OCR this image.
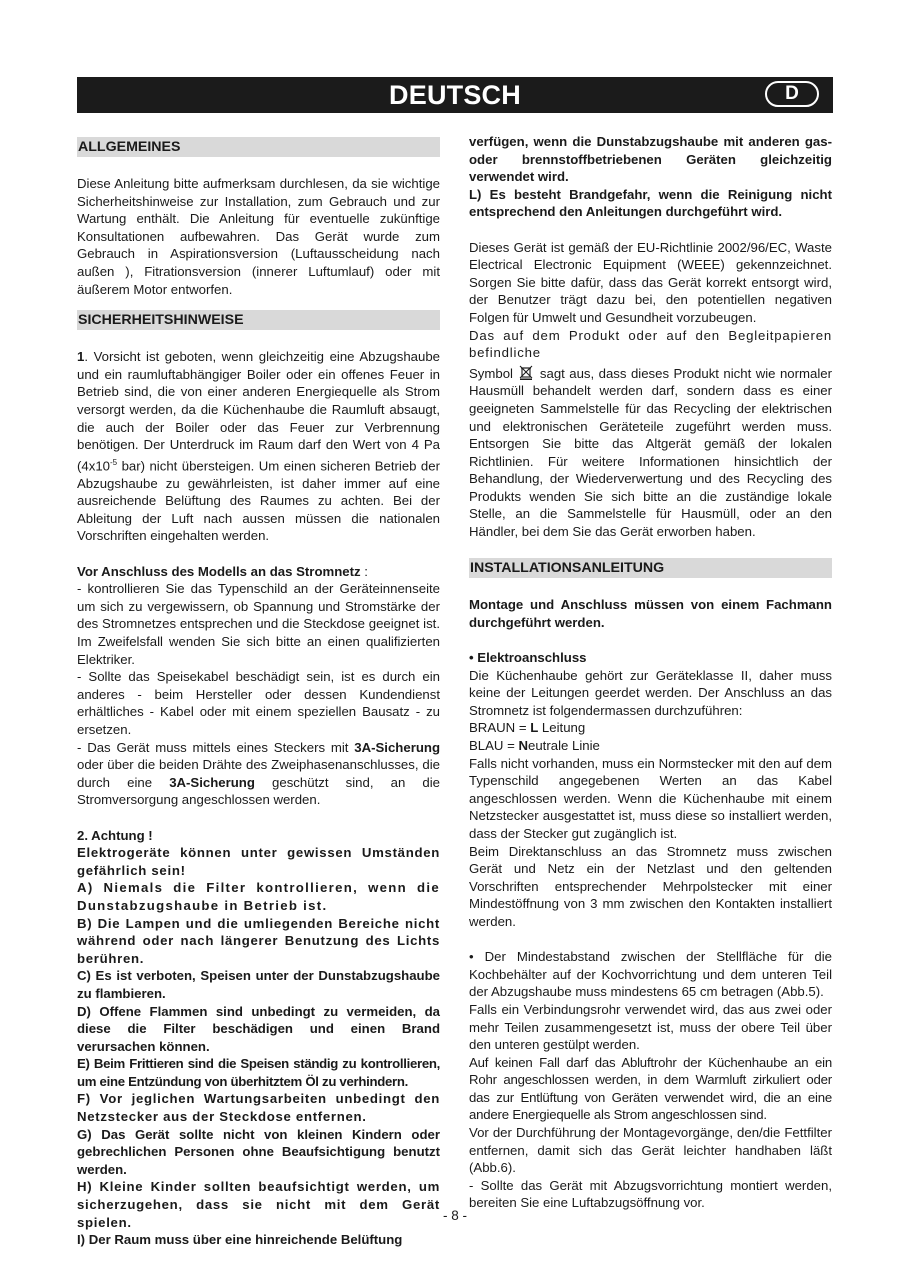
DEUTSCH	D
ALLGEMEINES

Diese Anleitung bitte aufmerksam durchlesen, da sie wichtige Sicherheitshinweise zur Installation, zum Gebrauch und zur Wartung enthält. Die Anleitung für eventuelle zukünftige Konsultationen aufbewahren. Das Gerät wurde zum Gebrauch in Aspirationsversion (Luftausscheidung nach außen ), Fitrationsversion (innerer Luftumlauf) oder mit äußerem Motor entworfen.

SICHERHEITSHINWEISE

1. Vorsicht ist geboten, wenn gleichzeitig eine Abzugshaube und ein raumluftabhängiger Boiler oder ein offenes Feuer in Betrieb sind, die von einer anderen Energiequelle als Strom versorgt werden, da die Küchenhaube die Raumluft absaugt, die auch der Boiler oder das Feuer zur Verbrennung benötigen. Der Unterdruck im Raum darf den Wert von 4 Pa ($4x10^{-5}$ bar) nicht übersteigen. Um einen sicheren Betrieb der Abzugshaube zu gewährleisten, ist daher immer auf eine ausreichende Belüftung des Raumes zu achten. Bei der Ableitung der Luft nach aussen müssen die nationalen Vorschriften eingehalten werden.

Vor Anschluss des Modells an das Stromnetz :

- kontrollieren Sie das Typenschild an der Geräteinnenseite um sich zu vergewissern, ob Spannung und Stromstärke der des Stromnetzes entsprechen und die Steckdose geeignet ist. Im Zweifelsfall wenden Sie sich bitte an einen qualifizierten Elektriker.

- Sollte das Speisekabel beschädigt sein, ist es durch ein anderes - beim Hersteller oder dessen Kundendienst erhältliches - Kabel oder mit einem speziellen Bausatz - zu ersetzen.

- Das Gerät muss mittels eines Steckers mit 3A-Sicherung oder über die beiden Drähte des Zweiphasenanschlusses, die durch eine 3A-Sicherung geschützt sind, an die Stromversorgung angeschlossen werden.

2. Achtung !

Elektrogeräte können unter gewissen Umständen gefährlich sein!

A) Niemals die Filter kontrollieren, wenn die Dunstabzugshaube in Betrieb ist.

B) Die Lampen und die umliegenden Bereiche nicht während oder nach längerer Benutzung des Lichts berühren.

C) Es ist verboten, Speisen unter der Dunstabzugshaube zu flambieren.

D) Offene Flammen sind unbedingt zu vermeiden, da diese die Filter beschädigen und einen Brand verursachen können.

E) Beim Frittieren sind die Speisen ständig zu kontrollieren, um eine Entzündung von überhitztem Öl zu verhindern.

F) Vor jeglichen Wartungsarbeiten unbedingt den Netzstecker aus der Steckdose entfernen.

G) Das Gerät sollte nicht von kleinen Kindern oder gebrechlichen Personen ohne Beaufsichtigung benutzt werden.

H) Kleine Kinder sollten beaufsichtigt werden, um sicherzugehen, dass sie nicht mit dem Gerät spielen.

I) Der Raum muss über eine hinreichende Belüftung

verfügen, wenn die Dunstabzugshaube mit anderen gas- oder brennstoffbetriebenen Geräten gleichzeitig verwendet wird.

L) Es besteht Brandgefahr, wenn die Reinigung nicht entsprechend den Anleitungen durchgeführt wird.

Dieses Gerät ist gemäß der EU-Richtlinie 2002/96/EC, Waste Electrical Electronic Equipment (WEEE) gekennzeichnet. Sorgen Sie bitte dafür, dass das Gerät korrekt entsorgt wird, der Benutzer trägt dazu bei, den potentiellen negativen Folgen für Umwelt und Gesundheit vorzubeugen.

Das auf dem Produkt oder auf den Begleitpapieren befindliche

Symbol sagt aus, dass dieses Produkt nicht wie normaler Hausmüll behandelt werden darf, sondern dass es einer geeigneten Sammelstelle für das Recycling der elektrischen und elektronischen Geräteteile zugeführt werden muss. Entsorgen Sie bitte das Altgerät gemäß der lokalen Richtlinien. Für weitere Informationen hinsichtlich der Behandlung, der Wiederverwertung und des Recycling des Produkts wenden Sie sich bitte an die zuständige lokale Stelle, an die Sammelstelle für Hausmüll, oder an den Händler, bei dem Sie das Gerät erworben haben.

INSTALLATIONSANLEITUNG

Montage und Anschluss müssen von einem Fachmann durchgeführt werden.

• Elektroanschluss

Die Küchenhaube gehört zur Geräteklasse II, daher muss keine der Leitungen geerdet werden. Der Anschluss an das Stromnetz ist folgendermassen durchzuführen:

BRAUN = L Leitung

BLAU = Neutrale Linie

Falls nicht vorhanden, muss ein Normstecker mit den auf dem Typenschild angegebenen Werten an das Kabel angeschlossen werden. Wenn die Küchenhaube mit einem Netzstecker ausgestattet ist, muss diese so installiert werden, dass der Stecker gut zugänglich ist.

Beim Direktanschluss an das Stromnetz muss zwischen Gerät und Netz ein der Netzlast und den geltenden Vorschriften entsprechender Mehrpolstecker mit einer Mindestöffnung von 3 mm zwischen den Kontakten installiert werden.

• Der Mindestabstand zwischen der Stellfläche für die Kochbehälter auf der Kochvorrichtung und dem unteren Teil der Abzugshaube muss mindestens 65 cm betragen (Abb.5).

Falls ein Verbindungsrohr verwendet wird, das aus zwei oder mehr Teilen zusammengesetzt ist, muss der obere Teil über den unteren gestülpt werden.

Auf keinen Fall darf das Abluftrohr der Küchenhaube an ein Rohr angeschlossen werden, in dem Warmluft zirkuliert oder das zur Entlüftung von Geräten verwendet wird, die an eine andere Energiequelle als Strom angeschlossen sind.

Vor der Durchführung der Montagevorgänge, den/die Fettfilter entfernen, damit sich das Gerät leichter handhaben läßt (Abb.6).

- Sollte das Gerät mit Abzugsvorrichtung montiert werden, bereiten Sie eine Luftabzugsöffnung vor.

- 8 -
